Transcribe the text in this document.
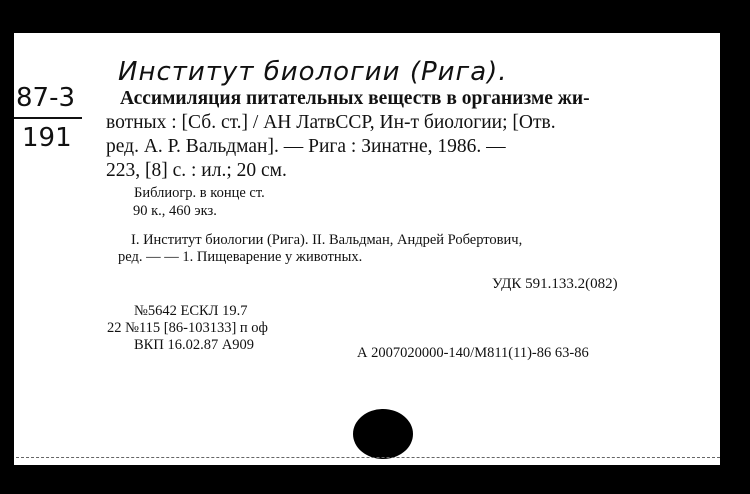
Институт биологии (Рига).
87-3
191
Ассимиляция питательных веществ в организме жи-
вотных : [Сб. ст.] / АН ЛатвССР, Ин-т биологии; [Отв.
ред. А. Р. Вальдман]. — Рига : Зинатне, 1986. —
223, [8] с. : ил.; 20 см.
Библиогр. в конце ст.
90 к., 460 экз.
I. Институт биологии (Рига). II. Вальдман, Андрей Робертович,
ред. — — 1. Пищеварение у животных.
УДК 591.133.2(082)
№5642 ЕСКЛ 19.7
22 №115 [86-103133] п оф
ВКП 16.02.87 А909	А 2007020000-140/М811(11)-86 63-86
